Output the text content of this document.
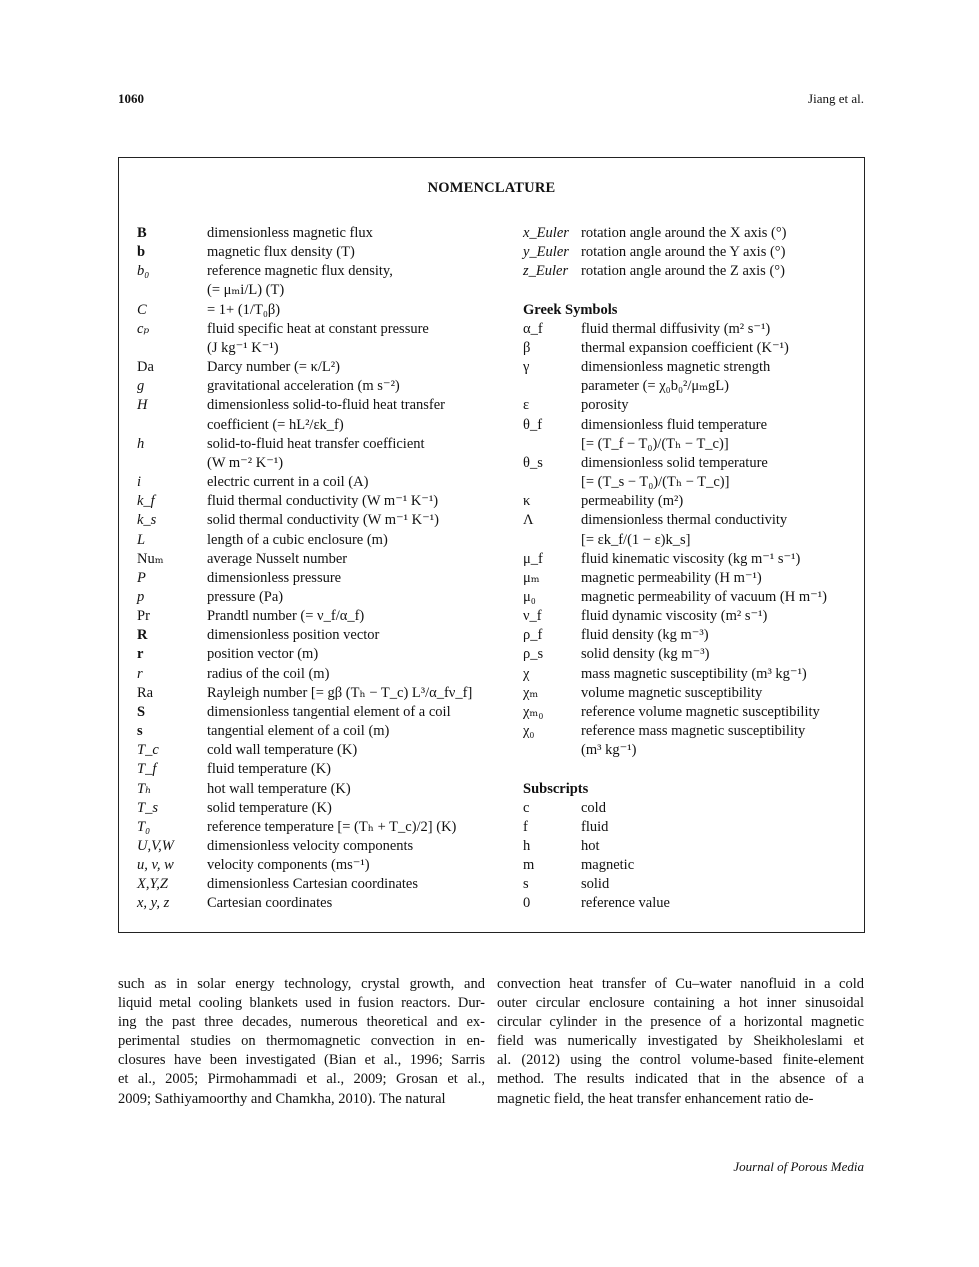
1060	Jiang et al.
NOMENCLATURE
B	dimensionless magnetic flux
b	magnetic flux density (T)
b₀	reference magnetic flux density,
(= μₘi/L) (T)
C	= 1+ (1/T₀β)
cₚ	fluid specific heat at constant pressure
(J kg⁻¹ K⁻¹)
Da	Darcy number (= κ/L²)
g	gravitational acceleration (m s⁻²)
H	dimensionless solid-to-fluid heat transfer
coefficient (= hL²/εk_f)
h	solid-to-fluid heat transfer coefficient
(W m⁻² K⁻¹)
i	electric current in a coil (A)
k_f	fluid thermal conductivity (W m⁻¹ K⁻¹)
k_s	solid thermal conductivity (W m⁻¹ K⁻¹)
L	length of a cubic enclosure (m)
Nuₘ	average Nusselt number
P	dimensionless pressure
p	pressure (Pa)
Pr	Prandtl number (= ν_f/α_f)
R	dimensionless position vector
r	position vector (m)
r	radius of the coil (m)
Ra	Rayleigh number [= gβ (Tₕ − T_c) L³/α_fν_f]
S	dimensionless tangential element of a coil
s	tangential element of a coil (m)
T_c	cold wall temperature (K)
T_f	fluid temperature (K)
Tₕ	hot wall temperature (K)
T_s	solid temperature (K)
T₀	reference temperature [= (Tₕ + T_c)/2] (K)
U,V,W	dimensionless velocity components
u, v, w	velocity components (ms⁻¹)
X,Y,Z	dimensionless Cartesian coordinates
x, y, z	Cartesian coordinates
x_Euler rotation angle around the X axis (°)
y_Euler rotation angle around the Y axis (°)
z_Euler rotation angle around the Z axis (°)

Greek Symbols
α_f	fluid thermal diffusivity (m² s⁻¹)
β	thermal expansion coefficient (K⁻¹)
γ	dimensionless magnetic strength
parameter (= χ₀b₀²/μₘgL)
ε	porosity
θ_f	dimensionless fluid temperature
[= (T_f − T₀)/(Tₕ − T_c)]
θ_s	dimensionless solid temperature
[= (T_s − T₀)/(Tₕ − T_c)]
κ	permeability (m²)
Λ	dimensionless thermal conductivity
[= εk_f/(1 − ε)k_s]
μ_f	fluid kinematic viscosity (kg m⁻¹ s⁻¹)
μₘ	magnetic permeability (H m⁻¹)
μ₀	magnetic permeability of vacuum (H m⁻¹)
ν_f	fluid dynamic viscosity (m² s⁻¹)
ρ_f	fluid density (kg m⁻³)
ρ_s	solid density (kg m⁻³)
χ	mass magnetic susceptibility (m³ kg⁻¹)
χₘ	volume magnetic susceptibility
χₘ₀	reference volume magnetic susceptibility
χ₀	reference mass magnetic susceptibility
(m³ kg⁻¹)

Subscripts
c	cold
f	fluid
h	hot
m	magnetic
s	solid
0	reference value
such as in solar energy technology, crystal growth, and
liquid metal cooling blankets used in fusion reactors. Dur-
ing the past three decades, numerous theoretical and ex-
perimental studies on thermomagnetic convection in en-
closures have been investigated (Bian et al., 1996; Sarris
et al., 2005; Pirmohammadi et al., 2009; Grosan et al.,
2009; Sathiyamoorthy and Chamkha, 2010). The natural
convection heat transfer of Cu–water nanofluid in a cold
outer circular enclosure containing a hot inner sinusoidal
circular cylinder in the presence of a horizontal magnetic
field was numerically investigated by Sheikholeslami et
al. (2012) using the control volume-based finite-element
method. The results indicated that in the absence of a
magnetic field, the heat transfer enhancement ratio de-
Journal of Porous Media
